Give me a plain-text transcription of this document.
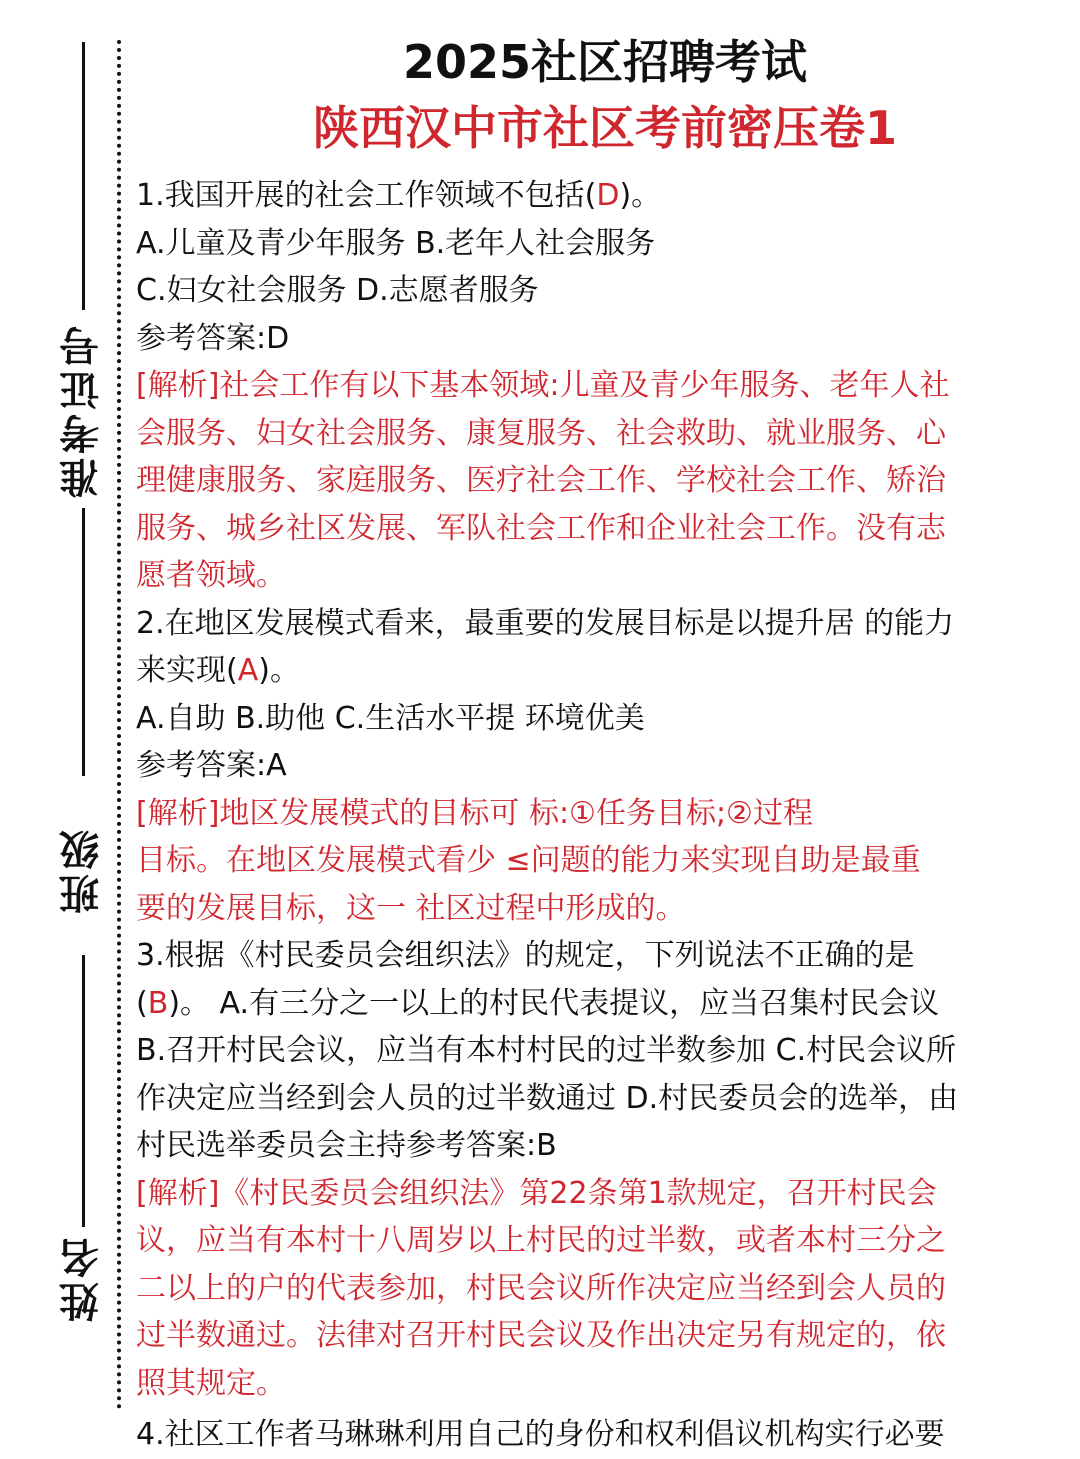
准考证号
班级
姓名
2025社区招聘考试
陕西汉中市社区考前密压卷1
1.我国开展的社会工作领域不包括(D)。
A.儿童及青少年服务 B.老年人社会服务
C.妇女社会服务 D.志愿者服务
参考答案:D
[解析]社会工作有以下基本领域:儿童及青少年服务、老年人社
会服务、妇女社会服务、康复服务、社会救助、就业服务、心
理健康服务、家庭服务、医疗社会工作、学校社会工作、矫治
服务、城乡社区发展、军队社会工作和企业社会工作。没有志
愿者领域。
2.在地区发展模式看来，最重要的发展目标是以提升居 的能力
来实现(A)。
A.自助 B.助他 C.生活水平提 环境优美
参考答案:A
[解析]地区发展模式的目标可 标:①任务目标;②过程
目标。在地区发展模式看少 ≤问题的能力来实现自助是最重
要的发展目标，这一 社区过程中形成的。
3.根据《村民委员会组织法》的规定，下列说法不正确的是
(B)。 A.有三分之一以上的村民代表提议，应当召集村民会议
B.召开村民会议，应当有本村村民的过半数参加 C.村民会议所
作决定应当经到会人员的过半数通过 D.村民委员会的选举，由
村民选举委员会主持参考答案:B
[解析]《村民委员会组织法》第22条第1款规定，召开村民会
议，应当有本村十八周岁以上村民的过半数，或者本村三分之
二以上的户的代表参加，村民会议所作决定应当经到会人员的
过半数通过。法律对召开村民会议及作出决定另有规定的，依
照其规定。
4.社区工作者马琳琳利用自己的身份和权利倡议机构实行必要
